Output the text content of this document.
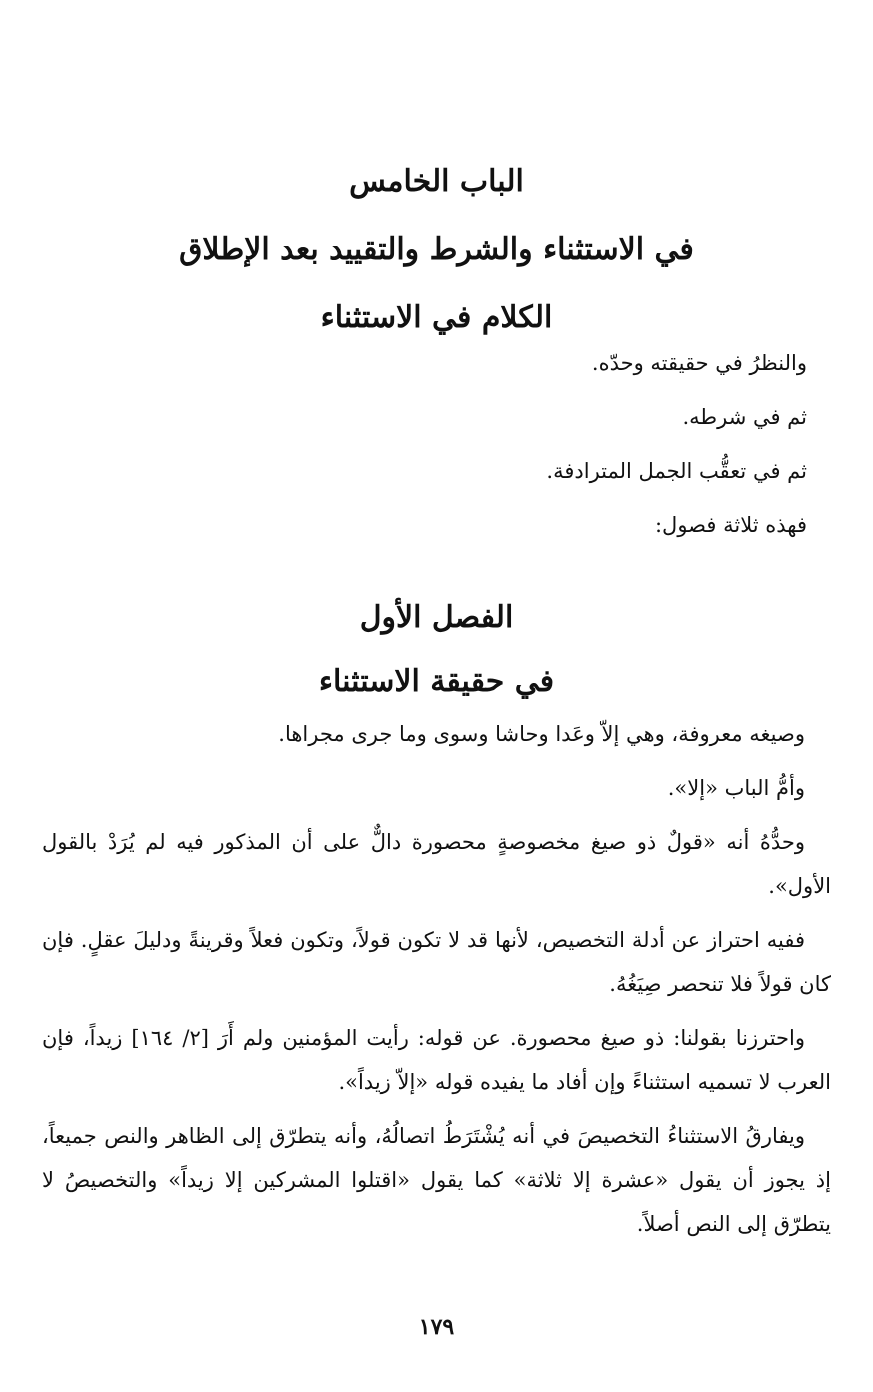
الباب الخامس

في الاستثناء والشرط والتقييد بعد الإطلاق

الكلام في الاستثناء

والنظرُ في حقيقته وحدّه.

ثم في شرطه.

ثم في تعقُّب الجمل المترادفة.

فهذه ثلاثة فصول:

الفصل الأول

في حقيقة الاستثناء

وصيغه معروفة، وهي إلاّ وعَدا وحاشا وسوى وما جرى مجراها.

وأمُّ الباب «إلا».

وحدُّهُ أنه «قولٌ ذو صيغ مخصوصةٍ محصورة دالٌّ على أن المذكور فيه لم يُرَدْ بالقول الأول».

ففيه احتراز عن أدلة التخصيص، لأنها قد لا تكون قولاً، وتكون فعلاً وقرينةً ودليلَ عقلٍ. فإن كان قولاً فلا تنحصر صِيَغُهُ.

واحترزنا بقولنا: ذو صيغ محصورة. عن قوله: رأيت المؤمنين ولم أَرَ [٢/ ١٦٤] زيداً، فإن العرب لا تسميه استثناءً وإن أفاد ما يفيده قوله «إلاّ زيداً».

ويفارقُ الاستثناءُ التخصيصَ في أنه يُشْتَرَطُ اتصالُهُ، وأنه يتطرّق إلى الظاهر والنص جميعاً، إذ يجوز أن يقول «عشرة إلا ثلاثة» كما يقول «اقتلوا المشركين إلا زيداً» والتخصيصُ لا يتطرّق إلى النص أصلاً.

١٧٩
